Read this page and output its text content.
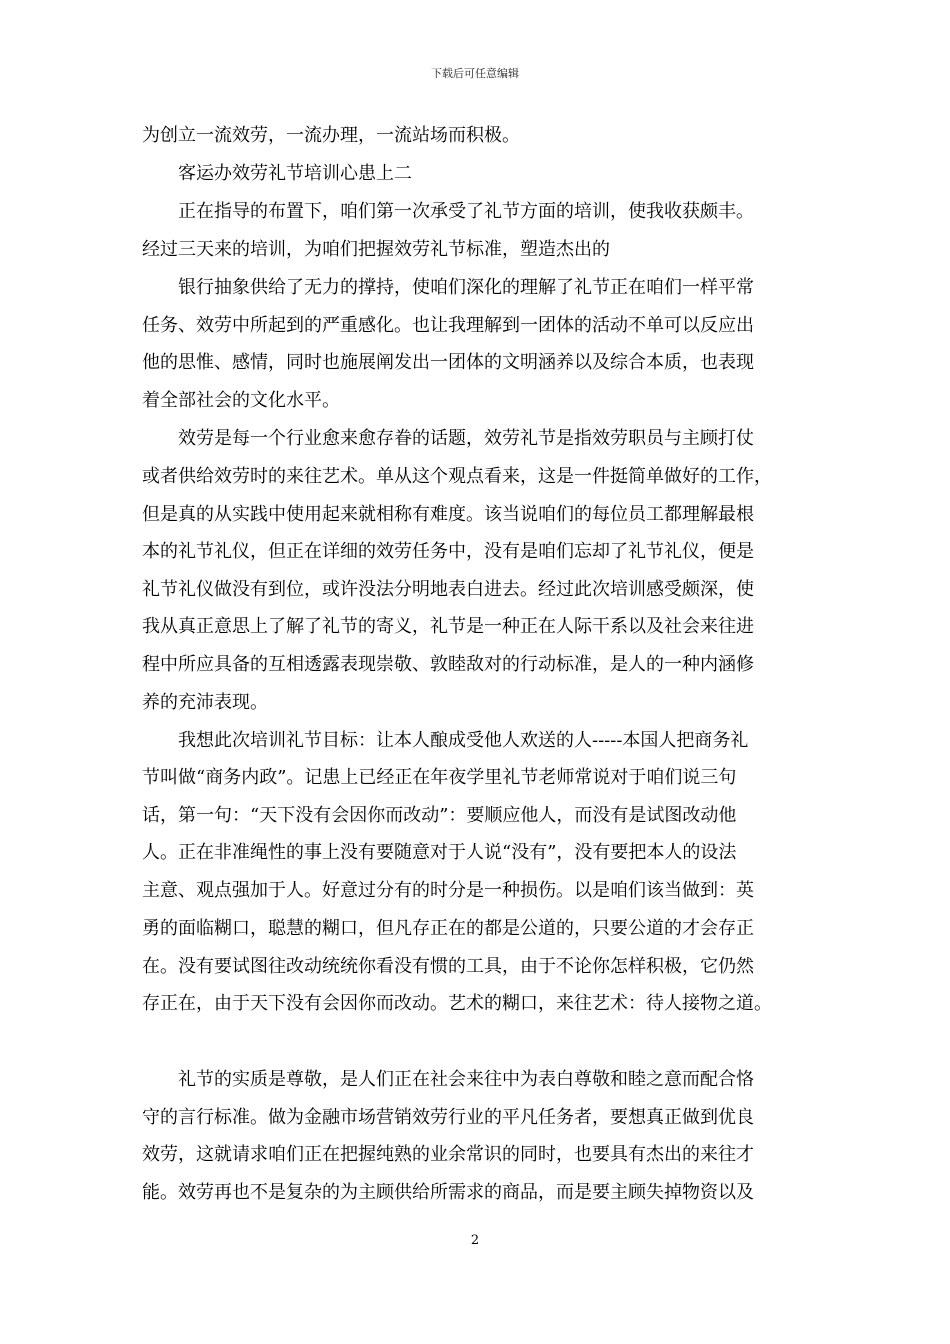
下载后可任意编辑
为创立一流效劳，一流办理，一流站场而积极。
　　客运办效劳礼节培训心患上二
　　正在指导的布置下，咱们第一次承受了礼节方面的培训，使我收获颇丰。
经过三天来的培训，为咱们把握效劳礼节标准，塑造杰出的
　　银行抽象供给了无力的撑持，使咱们深化的理解了礼节正在咱们一样平常
任务、效劳中所起到的严重感化。也让我理解到一团体的活动不单可以反应出
他的思惟、感情，同时也施展阐发出一团体的文明涵养以及综合本质，也表现
着全部社会的文化水平。
　　效劳是每一个行业愈来愈存眷的话题，效劳礼节是指效劳职员与主顾打仗
或者供给效劳时的来往艺术。单从这个观点看来，这是一件挺简单做好的工作，
但是真的从实践中使用起来就相称有难度。该当说咱们的每位员工都理解最根
本的礼节礼仪，但正在详细的效劳任务中，没有是咱们忘却了礼节礼仪，便是
礼节礼仪做没有到位，或许没法分明地表白进去。经过此次培训感受颇深，使
我从真正意思上了解了礼节的寄义，礼节是一种正在人际干系以及社会来往进
程中所应具备的互相透露表现崇敬、敦睦敌对的行动标准，是人的一种内涵修
养的充沛表现。
　　我想此次培训礼节目标：让本人酿成受他人欢送的人-----本国人把商务礼
节叫做“商务内政”。记患上已经正在年夜学里礼节老师常说对于咱们说三句
话，第一句：“天下没有会因你而改动”：要顺应他人，而没有是试图改动他
人。正在非准绳性的事上没有要随意对于人说“没有”，没有要把本人的设法
主意、观点强加于人。好意过分有的时分是一种损伤。以是咱们该当做到：英
勇的面临糊口，聪慧的糊口，但凡存正在的都是公道的，只要公道的才会存正
在。没有要试图往改动统统你看没有惯的工具，由于不论你怎样积极，它仍然
存正在，由于天下没有会因你而改动。艺术的糊口，来往艺术：待人接物之道。
　　礼节的实质是尊敬，是人们正在社会来往中为表白尊敬和睦之意而配合恪
守的言行标准。做为金融市场营销效劳行业的平凡任务者，要想真正做到优良
效劳，这就请求咱们正在把握纯熟的业余常识的同时，也要具有杰出的来往才
能。效劳再也不是复杂的为主顾供给所需求的商品，而是要主顾失掉物资以及
2
